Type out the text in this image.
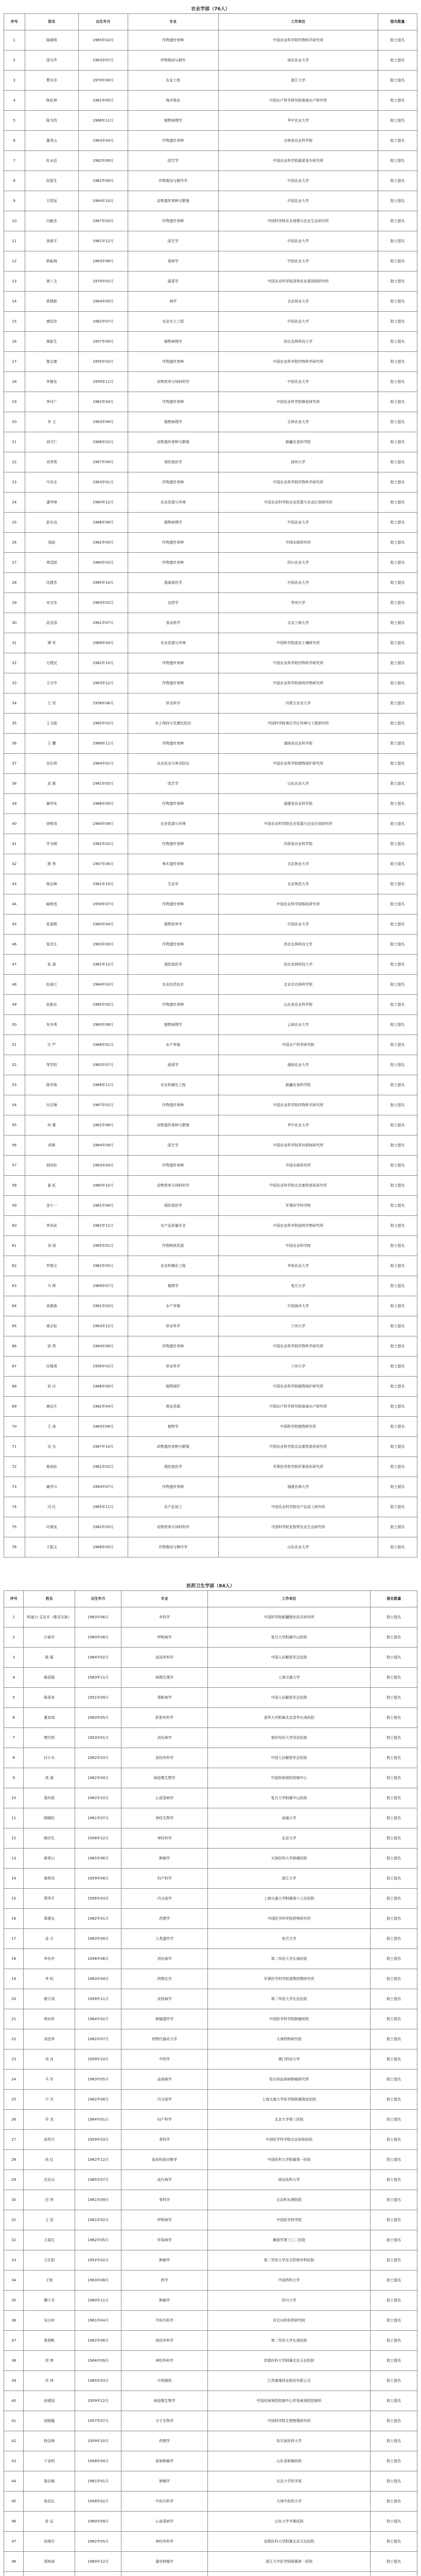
农业学部（76人）
序号	姓名	出生年月	专业	工作单位	提名数量
1	陈晓明	1965年02月	作物遗传育种	中国农业科学院作物科学研究所	院士提名
2	邵可声	1963年07月	作物栽培与耕作	南京农业大学	院士提名
3	曹光乔	1970年08月	农业工程	浙江大学	院士提名
4	陈松林	1961年05月	海洋渔业	中国水产科学研究院黄海水产研究所	院士提名
5	陈为钧	1966年11月	植物病理学	华中农业大学	院士提名
6	董英山	1963年04月	作物遗传育种	吉林省农业科学院	院士提名
7	杜永臣	1962年09月	园艺学	中国农业科学院蔬菜花卉研究所	院士提名
8	段留生	1962年06月	作物栽培与耕作学	中国农业大学	院士提名
9	方智远	1964年10月	动物遗传育种与繁殖	中国农业大学	院士提名
10	冯献忠	1967年03月	作物遗传育种	中国科学院东北地理与农业生态研究所	院士提名
11	高俊平	1961年12月	园艺学	中国农业大学	院士提名
12	韩振海	1963年08月	果树学	中国农业大学	院士提名
13	黄三文	1970年01月	蔬菜学	中国农业科学院深圳农业基因组研究所	院士提名
14	蒋建新	1964年05月	林学	北京林业大学	院士提名
15	康绍忠	1962年07月	农业水土工程	中国农业大学	院士提名
16	康振生	1957年09月	植物病理学	西北农林科技大学	院士提名
17	黎志康	1955年03月	作物遗传育种	中国农业科学院作物科学研究所	院士提名
18	李德发	1959年11月	动物营养与饲料科学	中国农业大学	院士提名
19	李付广	1962年04月	作物遗传育种	中国农业科学院棉花研究所	院士提名
20	李 玉	1963年06月	植物病理学	吉林农业大学	院士提名
21	刘守仁	1968年02月	动物遗传育种与繁殖	新疆农垦科学院	院士提名
22	刘秀梵	1967年09月	预防兽医学	扬州大学	院士提名
23	马有志	1963年01月	作物遗传育种	中国农业科学院作物科学研究所	院士提名
24	潘学峰	1960年12月	农业资源与环境	中国农业科学院农业资源与农业区划研究所	院士提名
25	彭友良	1966年08月	植物病理学	中国农业大学	院士提名
26	钱前	1962年05月	作物遗传育种	中国水稻研究所	院士提名
27	荣廷昭	1960年03月	作物遗传育种	四川农业大学	院士提名
28	沈建忠	1965年10月	基础兽医学	中国农业大学	院士提名
29	宋宝安	1963年02月	农药学	贵州大学	院士提名
30	孙宝国	1961年07月	食品科学	北京工商大学	院士提名
31	谭 军	1969年04月	农业资源与环境	中国科学院南京土壤研究所	院士提名
32	万建民	1962年10月	作物遗传育种	中国农业科学院作物科学研究所	院士提名
33	王汉中	1963年12月	作物遗传育种	中国农业科学院油料作物研究所	院士提名
34	王 坚	1958年06月	草业科学	内蒙古农业大学	院士提名
35	王文彪	1965年03月	水土保持与荒漠化防治	中国科学院寒区旱区环境与工程研究所	院士提名
36	王 鹏	1968年11月	作物遗传育种	湖南省农业科学院	院士提名
37	吴孔明	1964年01月	农业昆虫与害虫防治	中国农业科学院植物保护研究所	院士提名
38	武 维	1961年05月	园艺学	山东农业大学	院士提名
39	谢华安	1966年09月	作物遗传育种	福建省农业科学院	院士提名
40	徐明岗	1964年08月	农业资源与环境	中国农业科学院农业资源与农业区划研究所	院士提名
41	许为钢	1962年02月	作物遗传育种	河南省农业科学院	院士提名
42	薛 勇	1967年06月	林木遗传育种	北京林业大学	院士提名
43	杨志峰	1961年10月	生态学	北京师范大学	院士提名
44	喻树迅	1959年07月	作物遗传育种	中国农业科学院棉花研究所	院士提名
45	张福锁	1960年04月	植物营养学	中国农业大学	院士提名
46	张改生	1963年09月	作物遗传育种	西北农林科技大学	院士提名
47	张 涌	1962年12月	预防兽医学	西北农林科技大学	院士提名
48	赵春江	1964年03月	农业信息技术	北京市农林科学院	院士提名
49	赵振东	1965年05月	作物遗传育种	山东省农业科学院	院士提名
50	朱有勇	1960年08月	植物病理学	云南农业大学	院士提名
51	庄 严	1968年01月	水产养殖	中国水产科学研究院	院士提名
52	邹学校	1963年07月	蔬菜学	湖南农业大学	院士提名
53	陈学庚	1966年11月	农业机械化工程	新疆农垦科学院	院士提名
54	付志锋	1967年02月	作物遗传育种	中国农业科学院作物科学研究所	院士提名
55	何 雄	1962年06月	动物遗传育种与繁殖	华中农业大学	院士提名
56	侯锋	1964年09月	园艺学	中国农业科学院郑州果树研究所	院士提名
57	胡培松	1963年04月	作物遗传育种	中国水稻研究所	院士提名
58	姜 虹	1960年10月	动物营养与饲料科学	中国农业科学院北京畜牧兽医研究所	院士提名
59	金宁一	1961年08月	预防兽医学	军事医学科学院	院士提名
60	李培武	1962年11月	农产品质量安全	中国农业科学院油料作物研究所	院士提名
61	刘 旭	1965年01月	作物种质资源	中国农业科学院	院士提名
62	罗锡文	1962年05月	农业机械化工程	华南农业大学	院士提名
63	马 辉	1969年07月	植物学	复旦大学	院士提名
64	麦康森	1961年03月	水产养殖	中国海洋大学	院士提名
65	南志标	1963年12月	草业科学	兰州大学	院士提名
66	邱 勇	1964年06月	作物遗传育种	中国农业科学院作物科学研究所	院士提名
67	任继周	1958年02月	草业科学	兰州大学	院士提名
68	尚 庆	1966年09月	植物保护	中国农业科学院植物保护研究所	院士提名
69	唐启升	1962年04月	渔业资源	中国水产科学研究院黄海水产研究所	院士提名
70	王 涛	1963年08月	植物学	中国科学院植物研究所	院士提名
71	吴 杰	1967年10月	动物遗传育种与繁殖	中国农业科学院北京畜牧兽医研究所	院士提名
72	夏咸柱	1961年02月	预防兽医学	军事医学科学院军事兽医研究所	院士提名
73	谢华川	1964年07月	作物遗传育种	福建农林大学	院士提名
74	闫 红	1965年11月	农产品加工	中国农业科学院农产品加工研究所	院士提名
75	印遇龙	1962年03月	动物营养与饲料科学	中国科学院亚热带农业生态研究所	院士提名
76	于振文	1966年05月	作物栽培与耕作学	山东农业大学	院士提名
医药卫生学部（84人）
序号	姓名	出生年月	专业	工作单位	提名数量
1	阿迪力·艾克木（维吾尔族）	1963年06月	外科学	中国科学院新疆理化技术研究所	院士提名
2	白春学	1960年08月	呼吸病学	复旦大学附属中山医院	院士提名
3	陈 聪	1964年02月	泌尿外科学	中国人民解放军总医院	院士提名
4	陈国强	1963年11月	病理生理学	上海交通大学	院士提名
5	陈香美	1951年09月	肾脏病学	中国人民解放军总医院	院士提名
6	董家鸿	1963年05月	肝胆外科学	清华大学附属北京清华长庚医院	院士提名
7	樊代明	1953年01月	消化病学	第四军医大学西京医院	院士提名
8	付小兵	1962年03月	创伤外科学	中国人民解放军总医院	院士提名
9	高 福	1962年04月	病原微生物学	中国疾病预防控制中心	院士提名
10	葛均波	1962年10月	心血管病学	复旦大学附属中山医院	院士提名
11	顾晓松	1961年07月	神经生物学	南通大学	院士提名
12	韩济生	1958年12月	神经科学	北京大学	院士提名
13	郝希山	1965年06月	肿瘤学	天津医科大学肿瘤医院	院士提名
14	黄荷凤	1959年08月	妇产科学	浙江大学	院士提名
15	贾伟平	1956年03月	内分泌学	上海交通大学附属第六人民医院	院士提名
16	蒋建东	1962年01月	药理学	中国医学科学院药物研究所	院士提名
17	金 力	1963年09月	人类遗传学	复旦大学	院士提名
18	李兆申	1956年06月	消化病学	第二军医大学长海医院	院士提名
19	李 松	1963年04月	药物化学	军事医学科学院毒物药物研究所	院士提名
20	廖万清	1958年11月	皮肤病学	第二军医大学长征医院	院士提名
21	林东昕	1964年02月	肿瘤遗传学	中国医学科学院肿瘤医院	院士提名
22	刘昌孝	1962年07月	药物代谢动力学	天津药物研究院	院士提名
23	刘 良	1959年10月	中药学	澳门科技大学	院士提名
24	马 军	1963年05月	血液病学	哈尔滨血液病肿瘤研究所	院士提名
25	宁 光	1962年08月	内分泌学	上海交通大学医学院附属瑞金医院	院士提名
26	乔 杰	1964年01月	妇产科学	北京大学第三医院	院士提名
27	邱贵兴	1959年03月	骨科学	中国医学科学院北京协和医院	院士提名
28	尚 红	1962年12月	临床检验诊断学	中国医科大学附属第一医院	院士提名
29	沈洪兵	1965年07月	流行病学	南京医科大学	院士提名
30	田 伟	1961年09月	骨科学	北京积水潭医院	院士提名
31	王 辰	1961年02月	呼吸病学	中国医学科学院	院士提名
32	王福生	1962年05月	传染病学	解放军第三〇二医院	院士提名
33	王红阳	1952年02月	肿瘤学	第二军医大学东方肝胆外科医院	院士提名
34	王锐	1963年08月	药学	中国药科大学	院士提名
35	魏于全	1960年11月	肿瘤学	四川大学	院士提名
36	吴以岭	1961年04月	中医内科学	河北以岭医药研究院	院士提名
37	夏照帆	1962年06月	烧伤外科学	第二军医大学长海医院	院士提名
38	项 坤	1964年09月	神经外科学	首都医科大学附属北京天坛医院	院士提名
39	肖 伟	1965年03月	中药制药	江苏康缘药业股份有限公司	院士提名
40	徐建国	1959年12月	病原微生物学	中国疾病预防控制中心传染病预防控制所	院士提名
41	阎锡蕴	1957年07月	分子生物学	中国科学院生物物理研究所	院士提名
42	杨宝峰	1959年10月	药理学	哈尔滨医科大学	院士提名
43	于金明	1958年04月	放射肿瘤学	山东省肿瘤医院	院士提名
44	詹启敏	1961年01月	肿瘤学	北京大学医学部	院士提名
45	张伯礼	1958年02月	中医内科学	天津中医药大学	院士提名
46	张 运	1960年09月	心血管病学	山东大学齐鲁医院	院士提名
47	赵继宗	1962年05月	神经外科学	首都医科大学附属北京天坛医院	院士提名
48	郑树森	1960年12月	器官移植学	浙江大学医学院附属第一医院	院士提名
